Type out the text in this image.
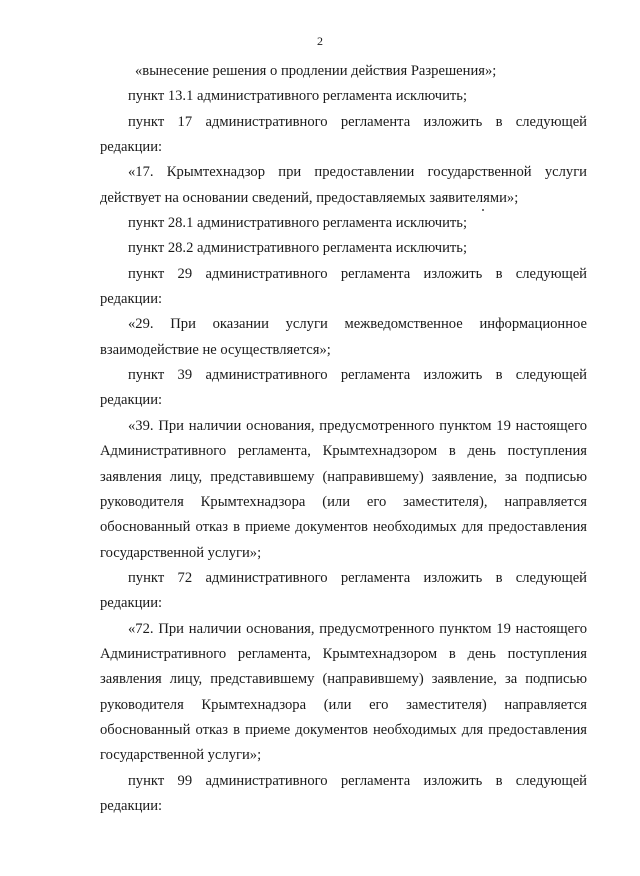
2

«вынесение решения о продлении действия Разрешения»;

пункт 13.1 административного регламента исключить;

пункт 17 административного регламента изложить в следующей редакции:

«17. Крымтехнадзор при предоставлении государственной услуги действует на основании сведений, предоставляемых заявителями»;

пункт 28.1 административного регламента исключить;

пункт 28.2 административного регламента исключить;

пункт 29 административного регламента изложить в следующей редакции:

«29. При оказании услуги межведомственное информационное взаимодействие не осуществляется»;

пункт 39 административного регламента изложить в следующей редакции:

«39. При наличии основания, предусмотренного пунктом 19 настоящего Административного регламента, Крымтехнадзором в день поступления заявления лицу, представившему (направившему) заявление, за подписью руководителя Крымтехнадзора (или его заместителя), направляется обоснованный отказ в приеме документов необходимых для предоставления государственной услуги»;

пункт 72 административного регламента изложить в следующей редакции:

«72. При наличии основания, предусмотренного пунктом 19 настоящего Административного регламента, Крымтехнадзором в день поступления заявления лицу, представившему (направившему) заявление, за подписью руководителя Крымтехнадзора (или его заместителя) направляется обоснованный отказ в приеме документов необходимых для предоставления государственной услуги»;

пункт 99 административного регламента изложить в следующей редакции:
